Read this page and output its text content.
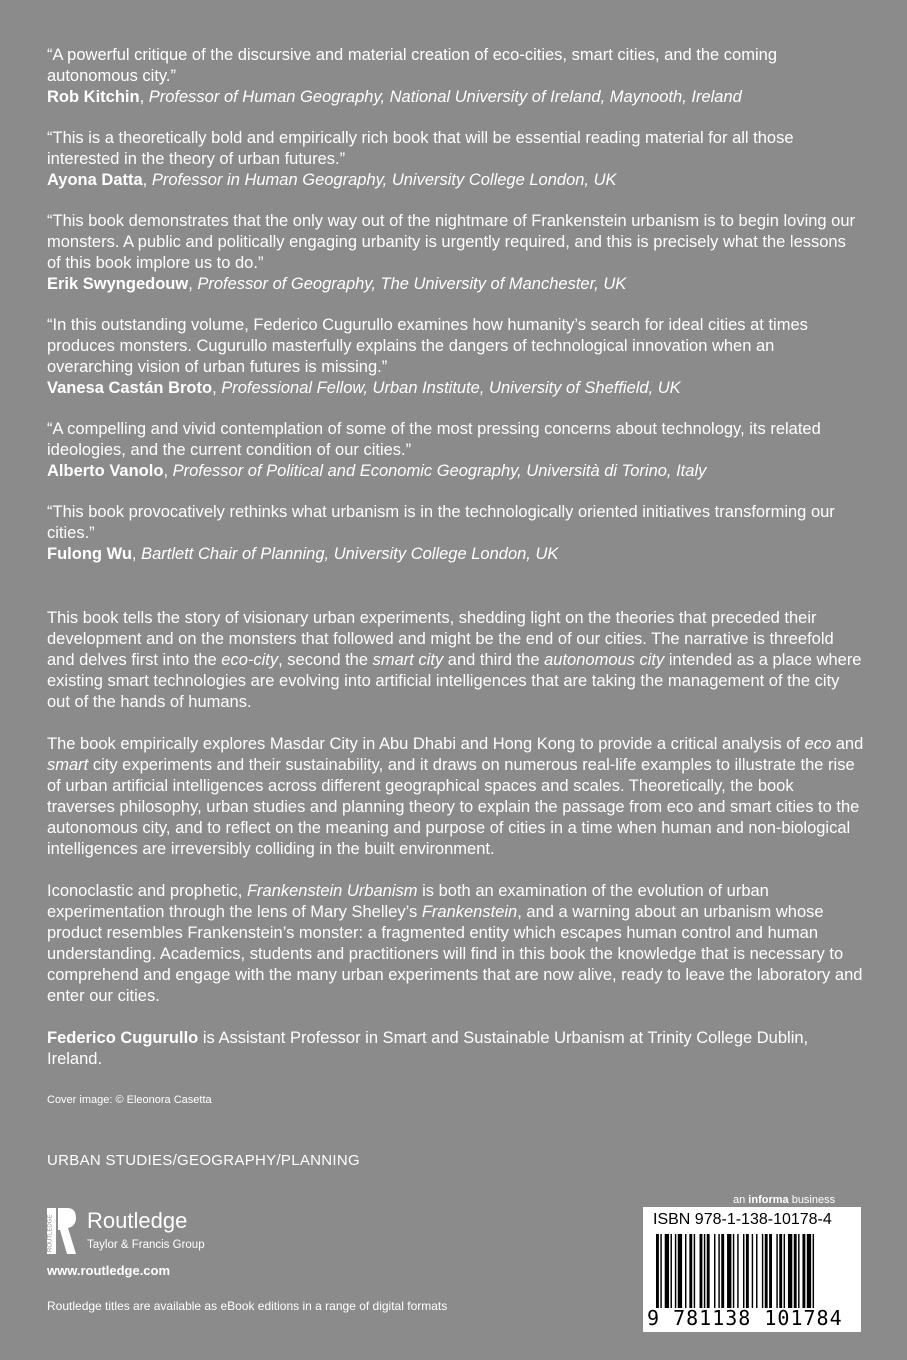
“A powerful critique of the discursive and material creation of eco-cities, smart cities, and the coming autonomous city.”
Rob Kitchin, Professor of Human Geography, National University of Ireland, Maynooth, Ireland
“This is a theoretically bold and empirically rich book that will be essential reading material for all those interested in the theory of urban futures.”
Ayona Datta, Professor in Human Geography, University College London, UK
“This book demonstrates that the only way out of the nightmare of Frankenstein urbanism is to begin loving our monsters. A public and politically engaging urbanity is urgently required, and this is precisely what the lessons of this book implore us to do.”
Erik Swyngedouw, Professor of Geography, The University of Manchester, UK
“In this outstanding volume, Federico Cugurullo examines how humanity’s search for ideal cities at times produces monsters. Cugurullo masterfully explains the dangers of technological innovation when an overarching vision of urban futures is missing.”
Vanesa Castán Broto, Professional Fellow, Urban Institute, University of Sheffield, UK
“A compelling and vivid contemplation of some of the most pressing concerns about technology, its related ideologies, and the current condition of our cities.”
Alberto Vanolo, Professor of Political and Economic Geography, Università di Torino, Italy
“This book provocatively rethinks what urbanism is in the technologically oriented initiatives transforming our cities.”
Fulong Wu, Bartlett Chair of Planning, University College London, UK

This book tells the story of visionary urban experiments, shedding light on the theories that preceded their development and on the monsters that followed and might be the end of our cities. The narrative is threefold and delves first into the eco-city, second the smart city and third the autonomous city intended as a place where existing smart technologies are evolving into artificial intelligences that are taking the management of the city out of the hands of humans.

The book empirically explores Masdar City in Abu Dhabi and Hong Kong to provide a critical analysis of eco and smart city experiments and their sustainability, and it draws on numerous real-life examples to illustrate the rise of urban artificial intelligences across different geographical spaces and scales. Theoretically, the book traverses philosophy, urban studies and planning theory to explain the passage from eco and smart cities to the autonomous city, and to reflect on the meaning and purpose of cities in a time when human and non-biological intelligences are irreversibly colliding in the built environment.

Iconoclastic and prophetic, Frankenstein Urbanism is both an examination of the evolution of urban experimentation through the lens of Mary Shelley’s Frankenstein, and a warning about an urbanism whose product resembles Frankenstein’s monster: a fragmented entity which escapes human control and human understanding. Academics, students and practitioners will find in this book the knowledge that is necessary to comprehend and engage with the many urban experiments that are now alive, ready to leave the laboratory and enter our cities.

Federico Cugurullo is Assistant Professor in Smart and Sustainable Urbanism at Trinity College Dublin, Ireland.

Cover image: © Eleonora Casetta
URBAN STUDIES/GEOGRAPHY/PLANNING
ROUTLEDGE Routledge
Taylor & Francis Group
www.routledge.com
Routledge titles are available as eBook editions in a range of digital formats
an informa business
ISBN 978-1-138-10178-4
9 781138 101784
